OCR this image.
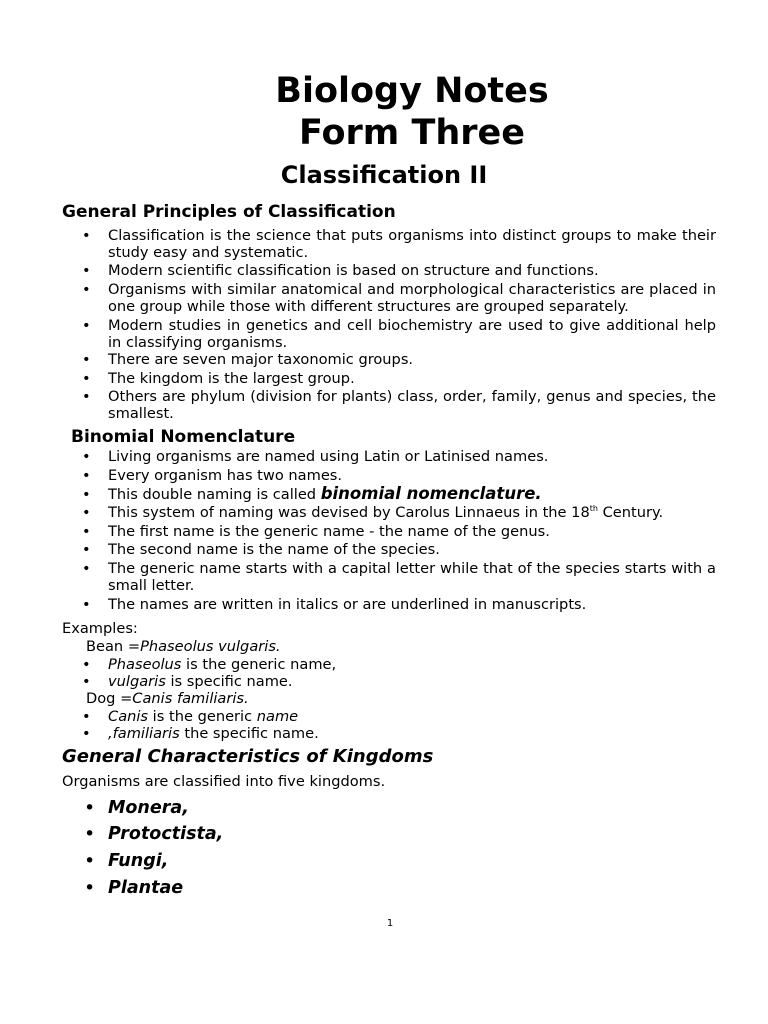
Biology Notes
Form Three
Classification II
General Principles of Classification
•	Classification is the science that puts organisms into distinct groups to make their study easy and systematic.

•	Modern scientific classification is based on structure and functions.

•	Organisms with similar anatomical and morphological characteristics are placed in one group while those with different structures are grouped separately.

•	Modern studies in genetics and cell biochemistry are used to give additional help in classifying organisms.

•	There are seven major taxonomic groups.

•	The kingdom is the largest group.

•	Others are phylum (division for plants) class, order, family, genus and species, the smallest.

Binomial Nomenclature
•	Living organisms are named using Latin or Latinised names.

•	Every organism has two names.

•	This double naming is called binomial nomenclature.

•	This system of naming was devised by Carolus Linnaeus in the 18th Century.

•	The first name is the generic name - the name of the genus.

•	The second name is the name of the species.

•	The generic name starts with a capital letter while that of the species starts with a small letter.

•	The names are written in italics or are underlined in manuscripts.

Examples:

Bean =Phaseolus vulgaris.

•	Phaseolus is the generic name,

•	vulgaris is specific name.

Dog =Canis familiaris.

•	Canis is the generic name

•	,familiaris the specific name.

General Characteristics of Kingdoms

Organisms are classified into five kingdoms.

• Monera,

• Protoctista,

• Fungi,

• Plantae

1
